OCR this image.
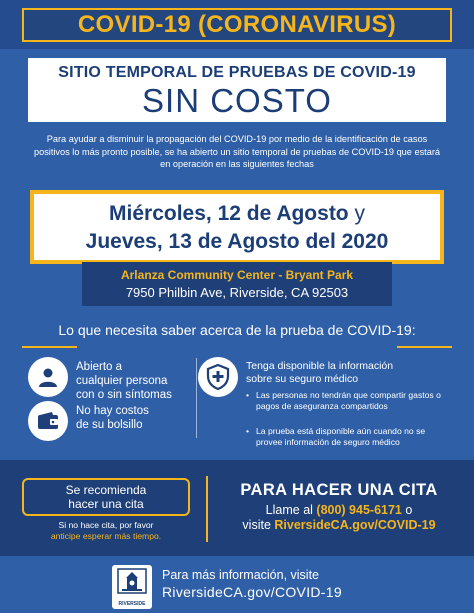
COVID-19 (CORONAVIRUS)
SITIO TEMPORAL DE PRUEBAS DE COVID-19
SIN COSTO
Para ayudar a disminuir la propagación del COVID-19 por medio de la identificación de casos positivos lo más pronto posible, se ha abierto un sitio temporal de pruebas de COVID-19 que estará en operación en las siguientes fechas
Miércoles, 12 de Agosto y
Jueves, 13 de Agosto del 2020
Arlanza Community Center - Bryant Park
7950 Philbin Ave, Riverside, CA 92503
Lo que necesita saber acerca de la prueba de COVID-19:
Abierto a
cualquier persona
con o sin síntomas
No hay costos
de su bolsillo
Tenga disponible la información
sobre su seguro médico
• Las personas no tendrán que compartir gastos o pagos de aseguranza compartidos
• La prueba está disponible aún cuando no se provee información de seguro médico
Se recomienda
hacer una cita
Si no hace cita, por favor
anticipe esperar más tiempo.
PARA HACER UNA CITA
Llame al (800) 945-6171 o
visite RiversideCA.gov/COVID-19
RIVERSIDE
Para más información, visite
RiversideCA.gov/COVID-19
